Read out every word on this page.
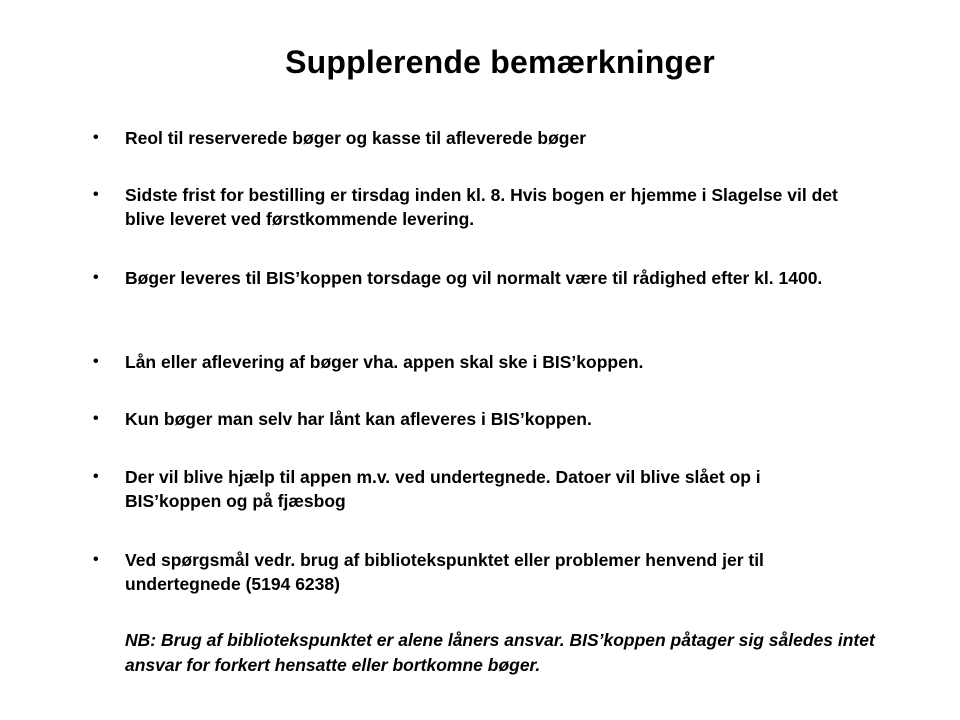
Supplerende bemærkninger
• Reol til reserverede bøger og kasse til afleverede bøger
• Sidste frist for bestilling er tirsdag inden kl. 8. Hvis bogen er hjemme i Slagelse vil det blive leveret ved førstkommende levering.
• Bøger leveres til BIS’koppen torsdage og vil normalt være til rådighed efter kl. 1400.
• Lån eller aflevering af bøger vha. appen skal ske i BIS’koppen.
• Kun bøger man selv har lånt kan afleveres i BIS’koppen.
• Der vil blive hjælp til appen m.v. ved undertegnede. Datoer vil blive slået op i BIS’koppen og på fjæsbog
• Ved spørgsmål vedr. brug af bibliotekspunktet eller problemer henvend jer til undertegnede (5194 6238)
NB: Brug af bibliotekspunktet er alene låners ansvar. BIS’koppen påtager sig således intet ansvar for forkert hensatte eller bortkomne bøger.
